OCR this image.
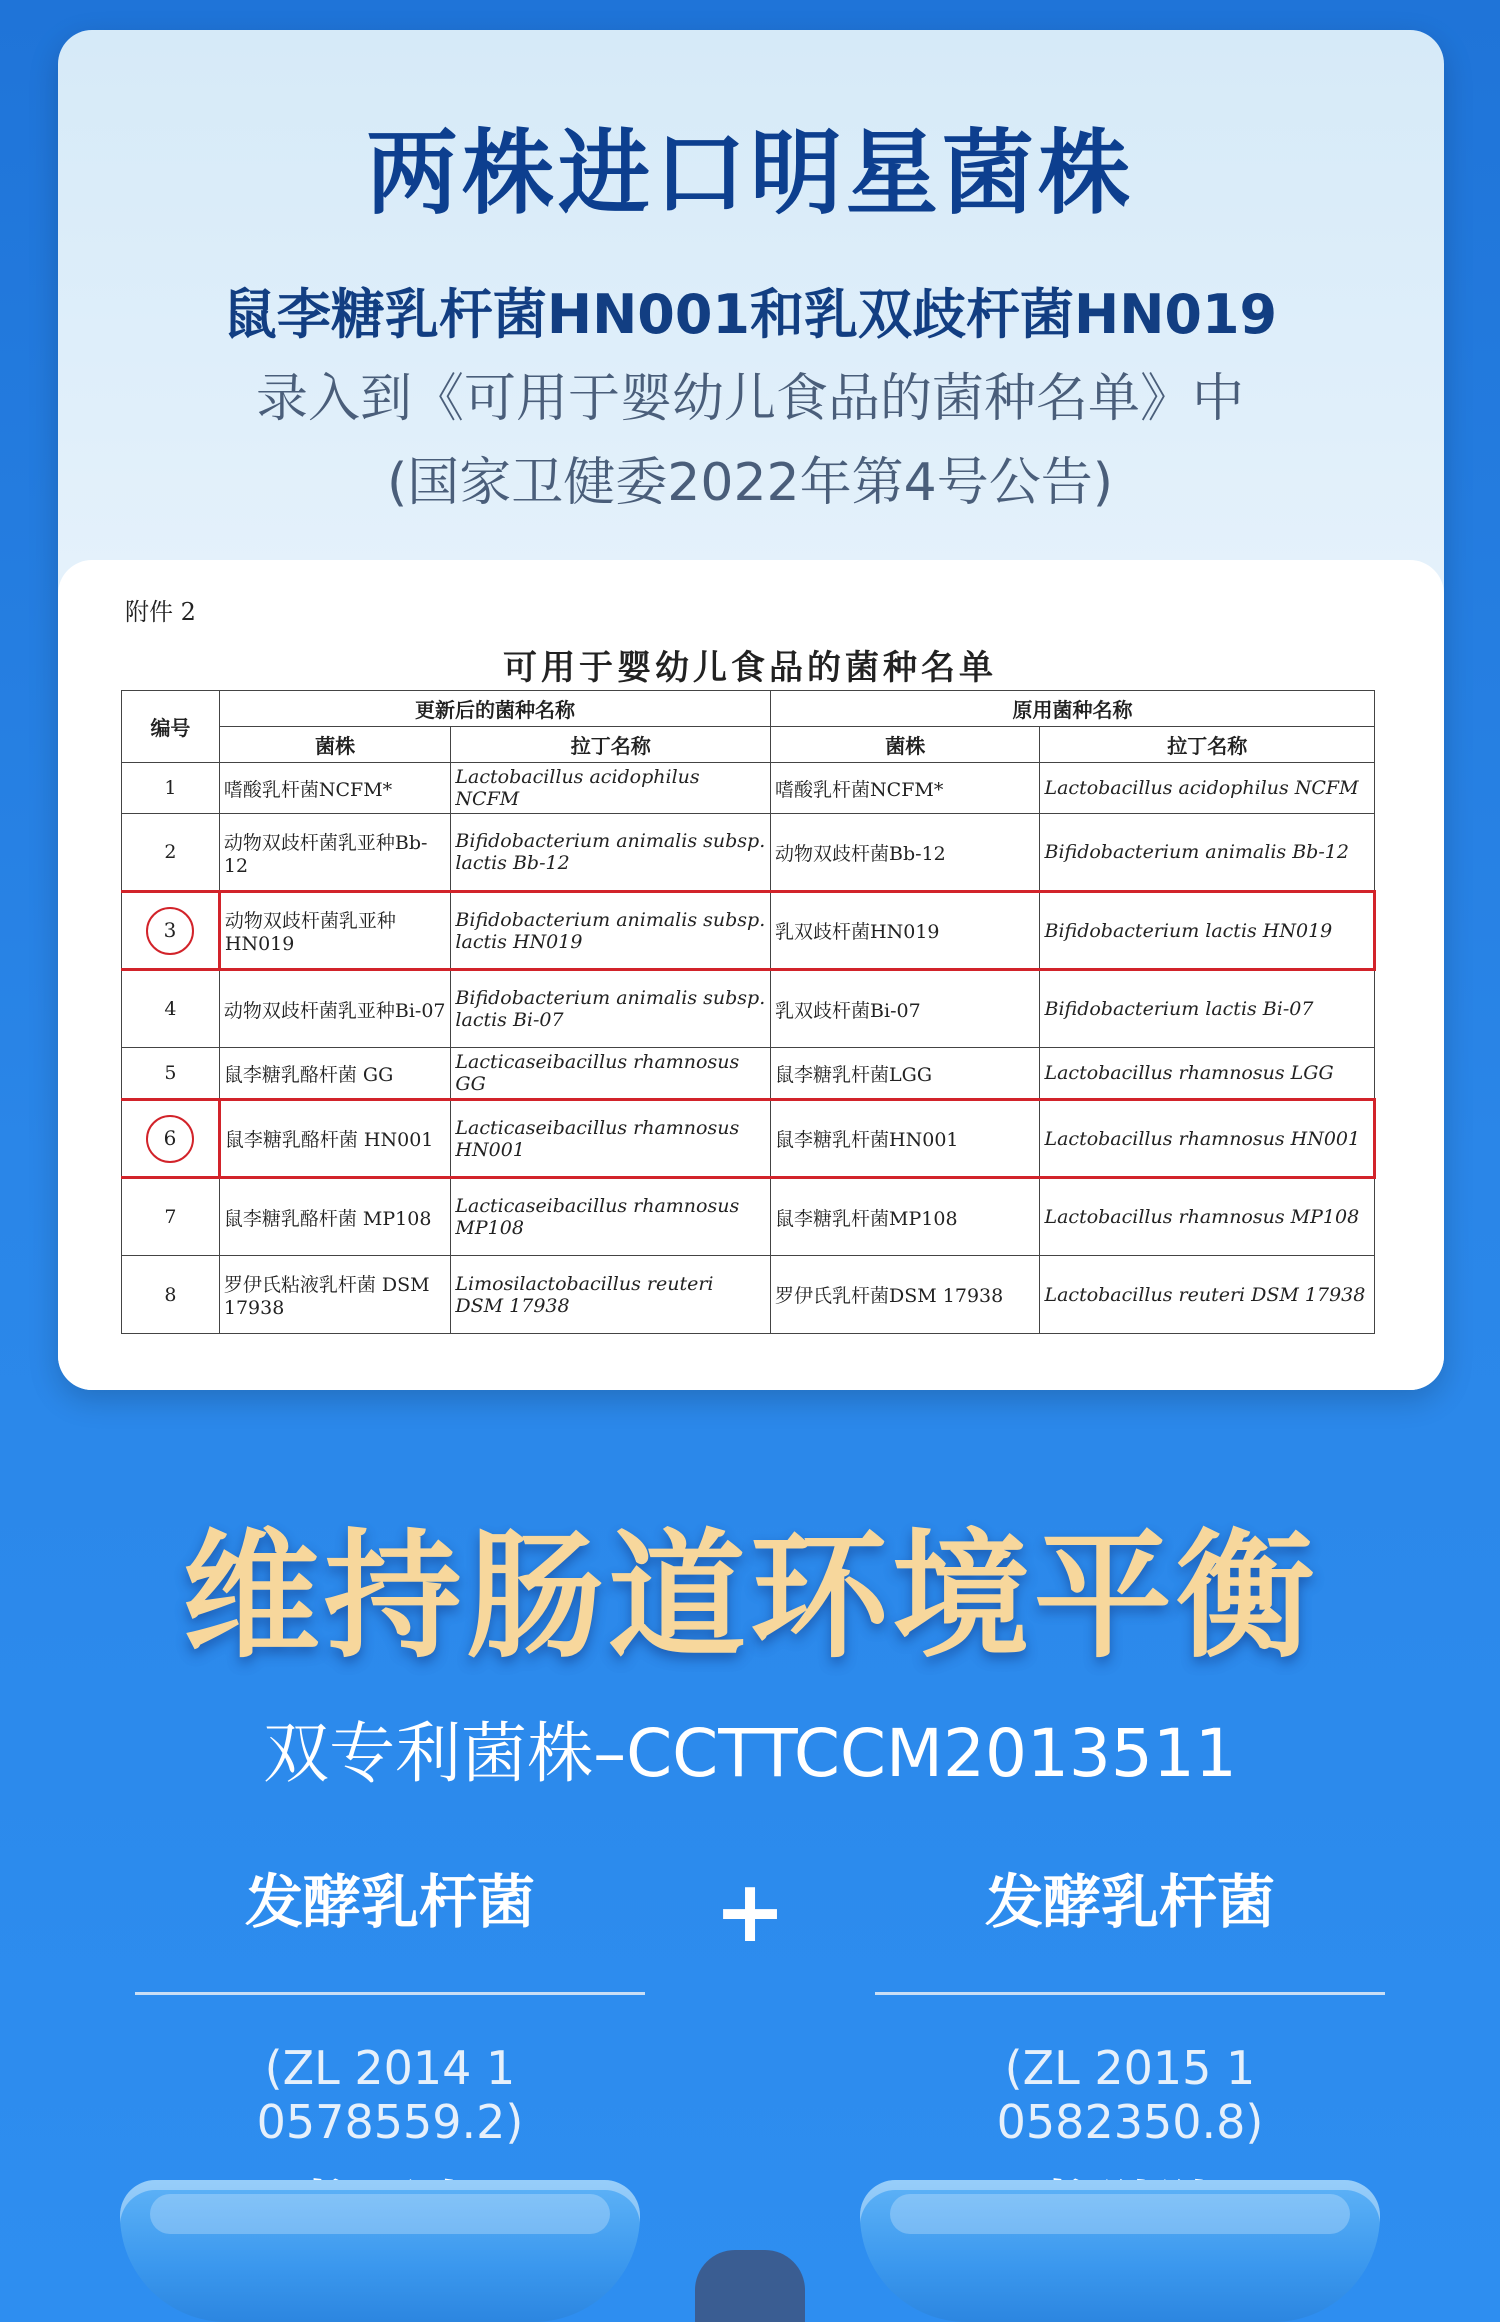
两株进口明星菌株
鼠李糖乳杆菌HN001和乳双歧杆菌HN019
录入到《可用于婴幼儿食品的菌种名单》中
(国家卫健委2022年第4号公告)
附件 2
可用于婴幼儿食品的菌种名单
编号	更新后的菌种名称		原用菌种名称	
	菌株	拉丁名称	菌株	拉丁名称
1	嗜酸乳杆菌NCFM*	Lactobacillus acidophilus NCFM	嗜酸乳杆菌NCFM*	Lactobacillus acidophilus NCFM
2	动物双歧杆菌乳亚种Bb-12	Bifidobacterium animalis subsp. lactis Bb-12	动物双歧杆菌Bb-12	Bifidobacterium animalis Bb-12
3	动物双歧杆菌乳亚种HN019	Bifidobacterium animalis subsp. lactis HN019	乳双歧杆菌HN019	Bifidobacterium lactis HN019
4	动物双歧杆菌乳亚种Bi-07	Bifidobacterium animalis subsp. lactis Bi-07	乳双歧杆菌Bi-07	Bifidobacterium lactis Bi-07
5	鼠李糖乳酪杆菌 GG	Lacticaseibacillus rhamnosus GG	鼠李糖乳杆菌LGG	Lactobacillus rhamnosus LGG
6	鼠李糖乳酪杆菌 HN001	Lacticaseibacillus rhamnosus HN001	鼠李糖乳杆菌HN001	Lactobacillus rhamnosus HN001
7	鼠李糖乳酪杆菌 MP108	Lacticaseibacillus rhamnosus MP108	鼠李糖乳杆菌MP108	Lactobacillus rhamnosus MP108
8	罗伊氏粘液乳杆菌 DSM 17938	Limosilactobacillus reuteri DSM 17938	罗伊氏乳杆菌DSM 17938	Lactobacillus reuteri DSM 17938
维持肠道环境平衡
双专利菌株–CCTTCCM2013511
发酵乳杆菌
(ZL 2014 1 0578559.2)
+	发酵乳杆菌
(ZL 2015 1 0582350.8)
